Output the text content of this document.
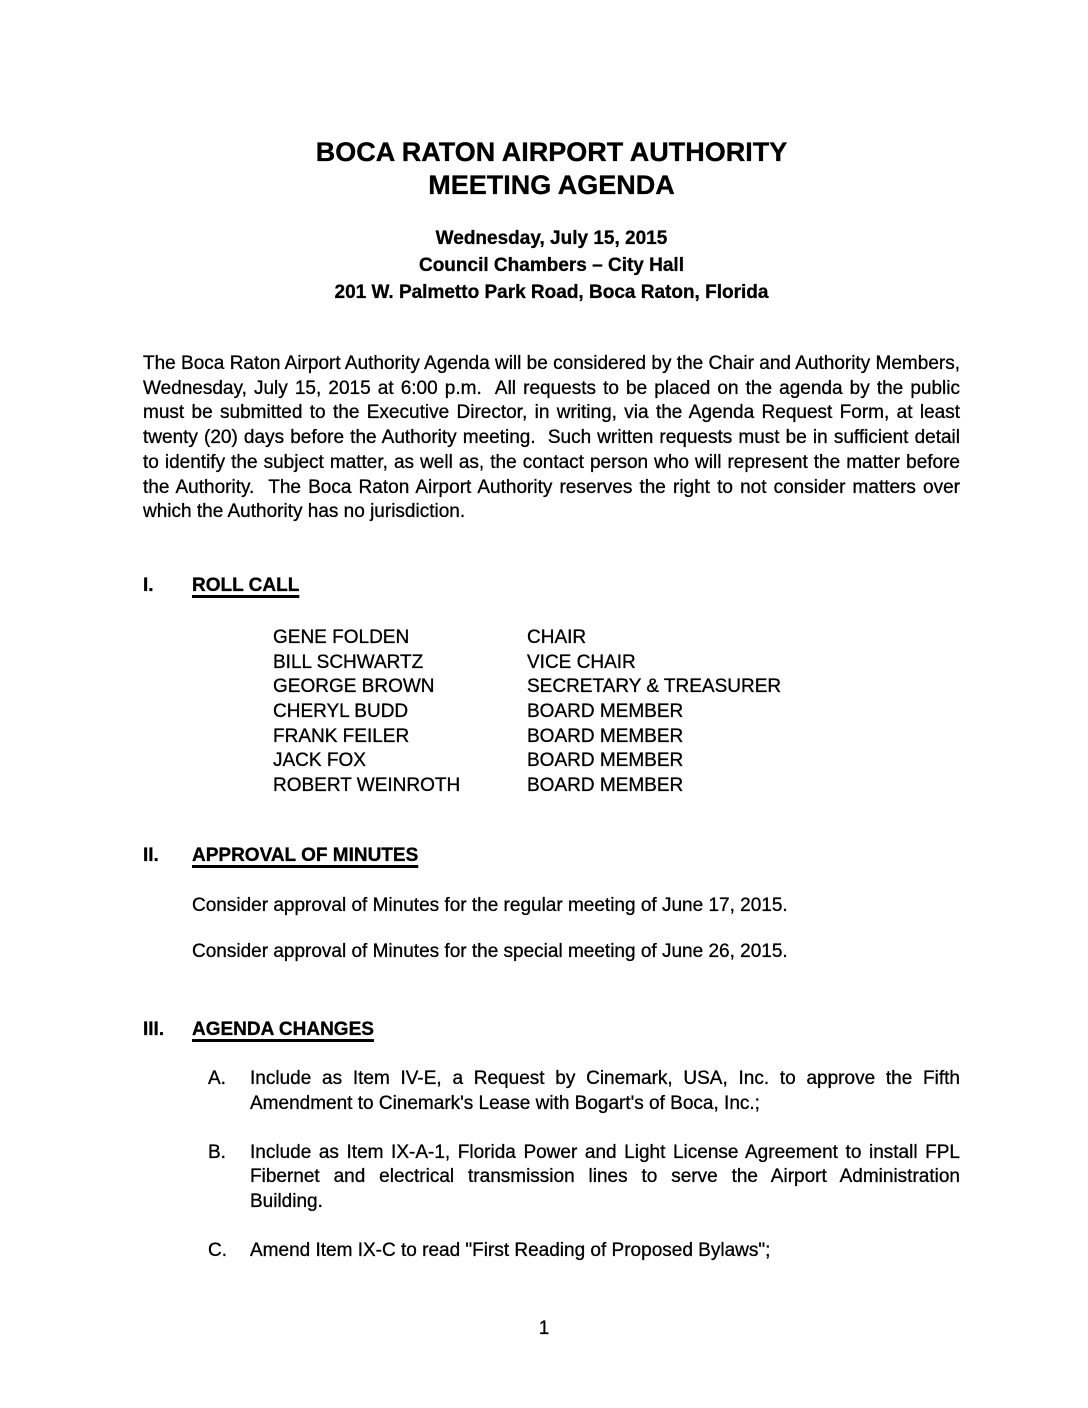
BOCA RATON AIRPORT AUTHORITY
MEETING AGENDA
Wednesday, July 15, 2015
Council Chambers – City Hall
201 W. Palmetto Park Road, Boca Raton, Florida
The Boca Raton Airport Authority Agenda will be considered by the Chair and Authority Members, Wednesday, July 15, 2015 at 6:00 p.m.  All requests to be placed on the agenda by the public must be submitted to the Executive Director, in writing, via the Agenda Request Form, at least twenty (20) days before the Authority meeting.  Such written requests must be in sufficient detail to identify the subject matter, as well as, the contact person who will represent the matter before the Authority.  The Boca Raton Airport Authority reserves the right to not consider matters over which the Authority has no jurisdiction.
I.	ROLL CALL
GENE FOLDEN	CHAIR
BILL SCHWARTZ	VICE CHAIR
GEORGE BROWN	SECRETARY & TREASURER
CHERYL BUDD	BOARD MEMBER
FRANK FEILER	BOARD MEMBER
JACK FOX	BOARD MEMBER
ROBERT WEINROTH	BOARD MEMBER
II.	APPROVAL OF MINUTES
Consider approval of Minutes for the regular meeting of June 17, 2015.
Consider approval of Minutes for the special meeting of June 26, 2015.
III.	AGENDA CHANGES
A.	Include as Item IV-E, a Request by Cinemark, USA, Inc. to approve the Fifth Amendment to Cinemark's Lease with Bogart's of Boca, Inc.;
B.	Include as Item IX-A-1, Florida Power and Light License Agreement to install FPL Fibernet and electrical transmission lines to serve the Airport Administration Building.
C.	Amend Item IX-C to read "First Reading of Proposed Bylaws";
1
